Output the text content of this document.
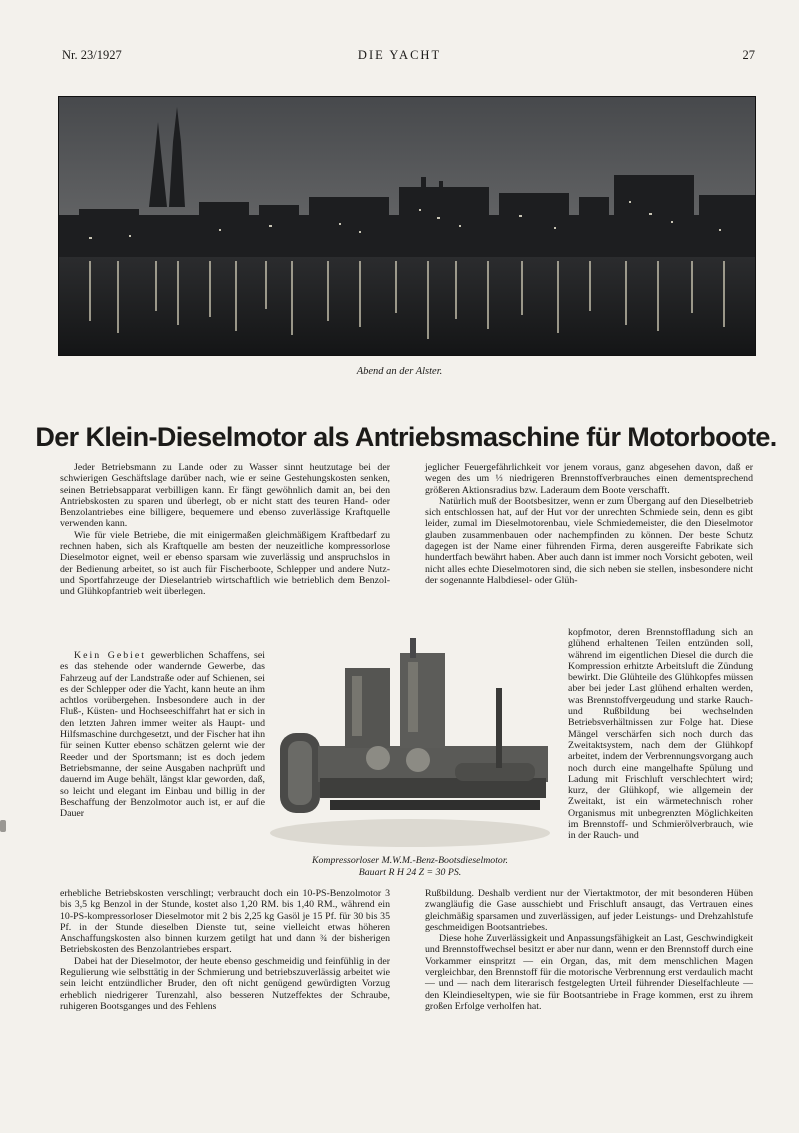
Nr. 23/1927	DIE YACHT	27
Abend an der Alster.
Der Klein-Dieselmotor als Antriebsmaschine für Motorboote.

Jeder Betriebsmann zu Lande oder zu Wasser sinnt heutzutage bei der schwierigen Geschäftslage darüber nach, wie er seine Gestehungskosten senken, seinen Betriebsapparat verbilligen kann. Er fängt gewöhnlich damit an, bei den Antriebskosten zu sparen und überlegt, ob er nicht statt des teuren Hand- oder Benzolantriebes eine billigere, bequemere und ebenso zuverlässige Kraftquelle verwenden kann.

Wie für viele Betriebe, die mit einigermaßen gleichmäßigem Kraftbedarf zu rechnen haben, sich als Kraftquelle am besten der neuzeitliche kompressorlose Dieselmotor eignet, weil er ebenso sparsam wie zuverlässig und anspruchslos in der Bedienung arbeitet, so ist auch für Fischerboote, Schlepper und andere Nutz- und Sportfahrzeuge der Dieselantrieb wirtschaftlich wie betrieblich dem Benzol- und Glühkopfantrieb weit überlegen.

Kein Gebiet gewerblichen Schaffens, sei es das stehende oder wandernde Gewerbe, das Fahrzeug auf der Landstraße oder auf Schienen, sei es der Schlepper oder die Yacht, kann heute an ihm achtlos vorübergehen. Insbesondere auch in der Fluß-, Küsten- und Hochseeschiffahrt hat er sich in den letzten Jahren immer weiter als Haupt- und Hilfsmaschine durchgesetzt, und der Fischer hat ihn für seinen Kutter ebenso schätzen gelernt wie der Reeder und der Sportsmann; ist es doch jedem Betriebsmanne, der seine Ausgaben nachprüft und dauernd im Auge behält, längst klar geworden, daß, so leicht und elegant im Einbau und billig in der Beschaffung der Benzolmotor auch ist, er auf die Dauer

jeglicher Feuergefährlichkeit vor jenem voraus, ganz abgesehen davon, daß er wegen des um ⅓ niedrigeren Brennstoffverbrauches einen dementsprechend größeren Aktionsradius bzw. Laderaum dem Boote verschafft.

Natürlich muß der Bootsbesitzer, wenn er zum Übergang auf den Dieselbetrieb sich entschlossen hat, auf der Hut vor der unrechten Schmiede sein, denn es gibt leider, zumal im Dieselmotorenbau, viele Schmiedemeister, die den Dieselmotor glauben zusammenbauen oder nachempfinden zu können. Der beste Schutz dagegen ist der Name einer führenden Firma, deren ausgereifte Fabrikate sich hundertfach bewährt haben. Aber auch dann ist immer noch Vorsicht geboten, weil nicht alles echte Dieselmotoren sind, die sich neben sie stellen, insbesondere nicht der sogenannte Halbdiesel- oder Glüh-

kopfmotor, deren Brennstoffladung sich an glühend erhaltenen Teilen entzünden soll, während im eigentlichen Diesel die durch die Kompression erhitzte Arbeitsluft die Zündung bewirkt. Die Glühteile des Glühkopfes müssen aber bei jeder Last glühend erhalten werden, was Brennstoffvergeudung und starke Rauch- und Rußbildung bei wechselnden Betriebsverhältnissen zur Folge hat. Diese Mängel verschärfen sich noch durch das Zweitaktsystem, nach dem der Glühkopf arbeitet, indem der Verbrennungsvorgang auch noch durch eine mangelhafte Spülung und Ladung mit Frischluft verschlechtert wird; kurz, der Glühkopf, wie allgemein der Zweitakt, ist ein wärmetechnisch roher Organismus mit unbegrenzten Möglichkeiten im Brennstoff- und Schmierölverbrauch, wie in der Rauch- und

Kompressorloser M.W.M.-Benz-Bootsdieselmotor.
Bauart R H 24 Z = 30 PS.

erhebliche Betriebskosten verschlingt; verbraucht doch ein 10-PS-Benzolmotor 3 bis 3,5 kg Benzol in der Stunde, kostet also 1,20 RM. bis 1,40 RM., während ein 10-PS-kompressorloser Dieselmotor mit 2 bis 2,25 kg Gasöl je 15 Pf. für 30 bis 35 Pf. in der Stunde dieselben Dienste tut, seine vielleicht etwas höheren Anschaffungskosten also binnen kurzem getilgt hat und dann ¾ der bisherigen Betriebskosten des Benzolantriebes erspart.

Dabei hat der Dieselmotor, der heute ebenso geschmeidig und feinfühlig in der Regulierung wie selbsttätig in der Schmierung und betriebszuverlässig arbeitet wie sein leicht entzündlicher Bruder, den oft nicht genügend gewürdigten Vorzug erheblich niedrigerer Turenzahl, also besseren Nutzeffektes der Schraube, ruhigeren Bootsganges und des Fehlens

Rußbildung. Deshalb verdient nur der Viertaktmotor, der mit besonderen Hüben zwangläufig die Gase ausschiebt und Frischluft ansaugt, das Vertrauen eines gleichmäßig sparsamen und zuverlässigen, auf jeder Leistungs- und Drehzahlstufe geschmeidigen Bootsantriebes.

Diese hohe Zuverlässigkeit und Anpassungsfähigkeit an Last, Geschwindigkeit und Brennstoffwechsel besitzt er aber nur dann, wenn er den Brennstoff durch eine Vorkammer einspritzt — ein Organ, das, mit dem menschlichen Magen vergleichbar, den Brennstoff für die motorische Verbrennung erst verdaulich macht — und — nach dem literarisch festgelegten Urteil führender Dieselfachleute — den Kleindieseltypen, wie sie für Bootsantriebe in Frage kommen, erst zu ihrem großen Erfolge verholfen hat.
